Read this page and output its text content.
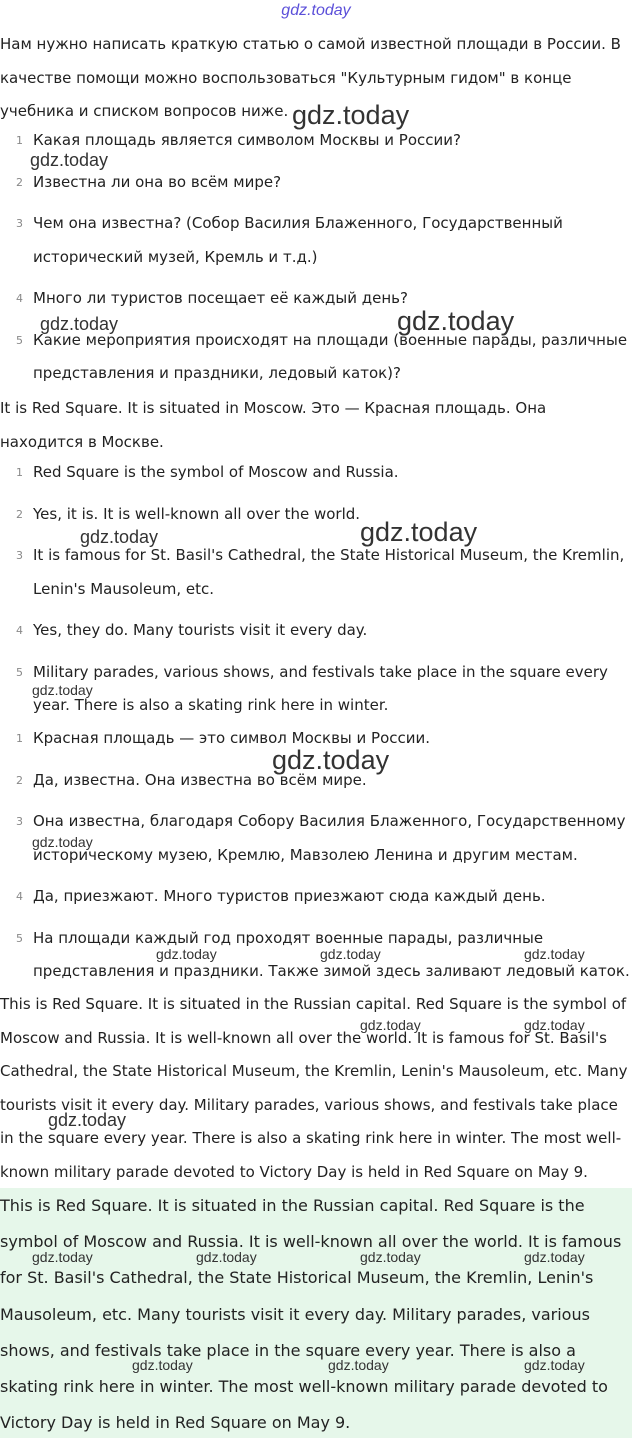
gdz.today

Нам нужно написать краткую статью о самой известной площади в России. В качестве помощи можно воспользоваться "Культурным гидом" в конце учебника и списком вопросов ниже.

1 Какая площадь является символом Москвы и России?
2 Известна ли она во всём мире?
3 Чем она известна? (Собор Василия Блаженного, Государственный исторический музей, Кремль и т.д.)
4 Много ли туристов посещает её каждый день?
5 Какие мероприятия происходят на площади (военные парады, различные представления и праздники, ледовый каток)?

It is Red Square. It is situated in Moscow. Это — Красная площадь. Она находится в Москве.

1 Red Square is the symbol of Moscow and Russia.
2 Yes, it is. It is well-known all over the world.
3 It is famous for St. Basil's Cathedral, the State Historical Museum, the Kremlin, Lenin's Mausoleum, etc.
4 Yes, they do. Many tourists visit it every day.
5 Military parades, various shows, and festivals take place in the square every year. There is also a skating rink here in winter.
1 Красная площадь — это символ Москвы и России.
2 Да, известна. Она известна во всём мире.
3 Она известна, благодаря Собору Василия Блаженного, Государственному историческому музею, Кремлю, Мавзолею Ленина и другим местам.
4 Да, приезжают. Много туристов приезжают сюда каждый день.
5 На площади каждый год проходят военные парады, различные представления и праздники. Также зимой здесь заливают ледовый каток.

This is Red Square. It is situated in the Russian capital. Red Square is the symbol of Moscow and Russia. It is well-known all over the world. It is famous for St. Basil's Cathedral, the State Historical Museum, the Kremlin, Lenin's Mausoleum, etc. Many tourists visit it every day. Military parades, various shows, and festivals take place in the square every year. There is also a skating rink here in winter. The most well-known military parade devoted to Victory Day is held in Red Square on May 9.

This is Red Square. It is situated in the Russian capital. Red Square is the symbol of Moscow and Russia. It is well-known all over the world. It is famous for St. Basil's Cathedral, the State Historical Museum, the Kremlin, Lenin's Mausoleum, etc. Many tourists visit it every day. Military parades, various shows, and festivals take place in the square every year. There is also a skating rink here in winter. The most well-known military parade devoted to Victory Day is held in Red Square on May 9.

gdz.today
gdz.today
gdz.today	gdz.today
gdz.today	gdz.today
gdz.today
gdz.today
gdz.today
gdz.today	gdz.today	gdz.today
gdz.today	gdz.today
gdz.today
gdz.today	gdz.today	gdz.today	gdz.today
gdz.today	gdz.today	gdz.today
